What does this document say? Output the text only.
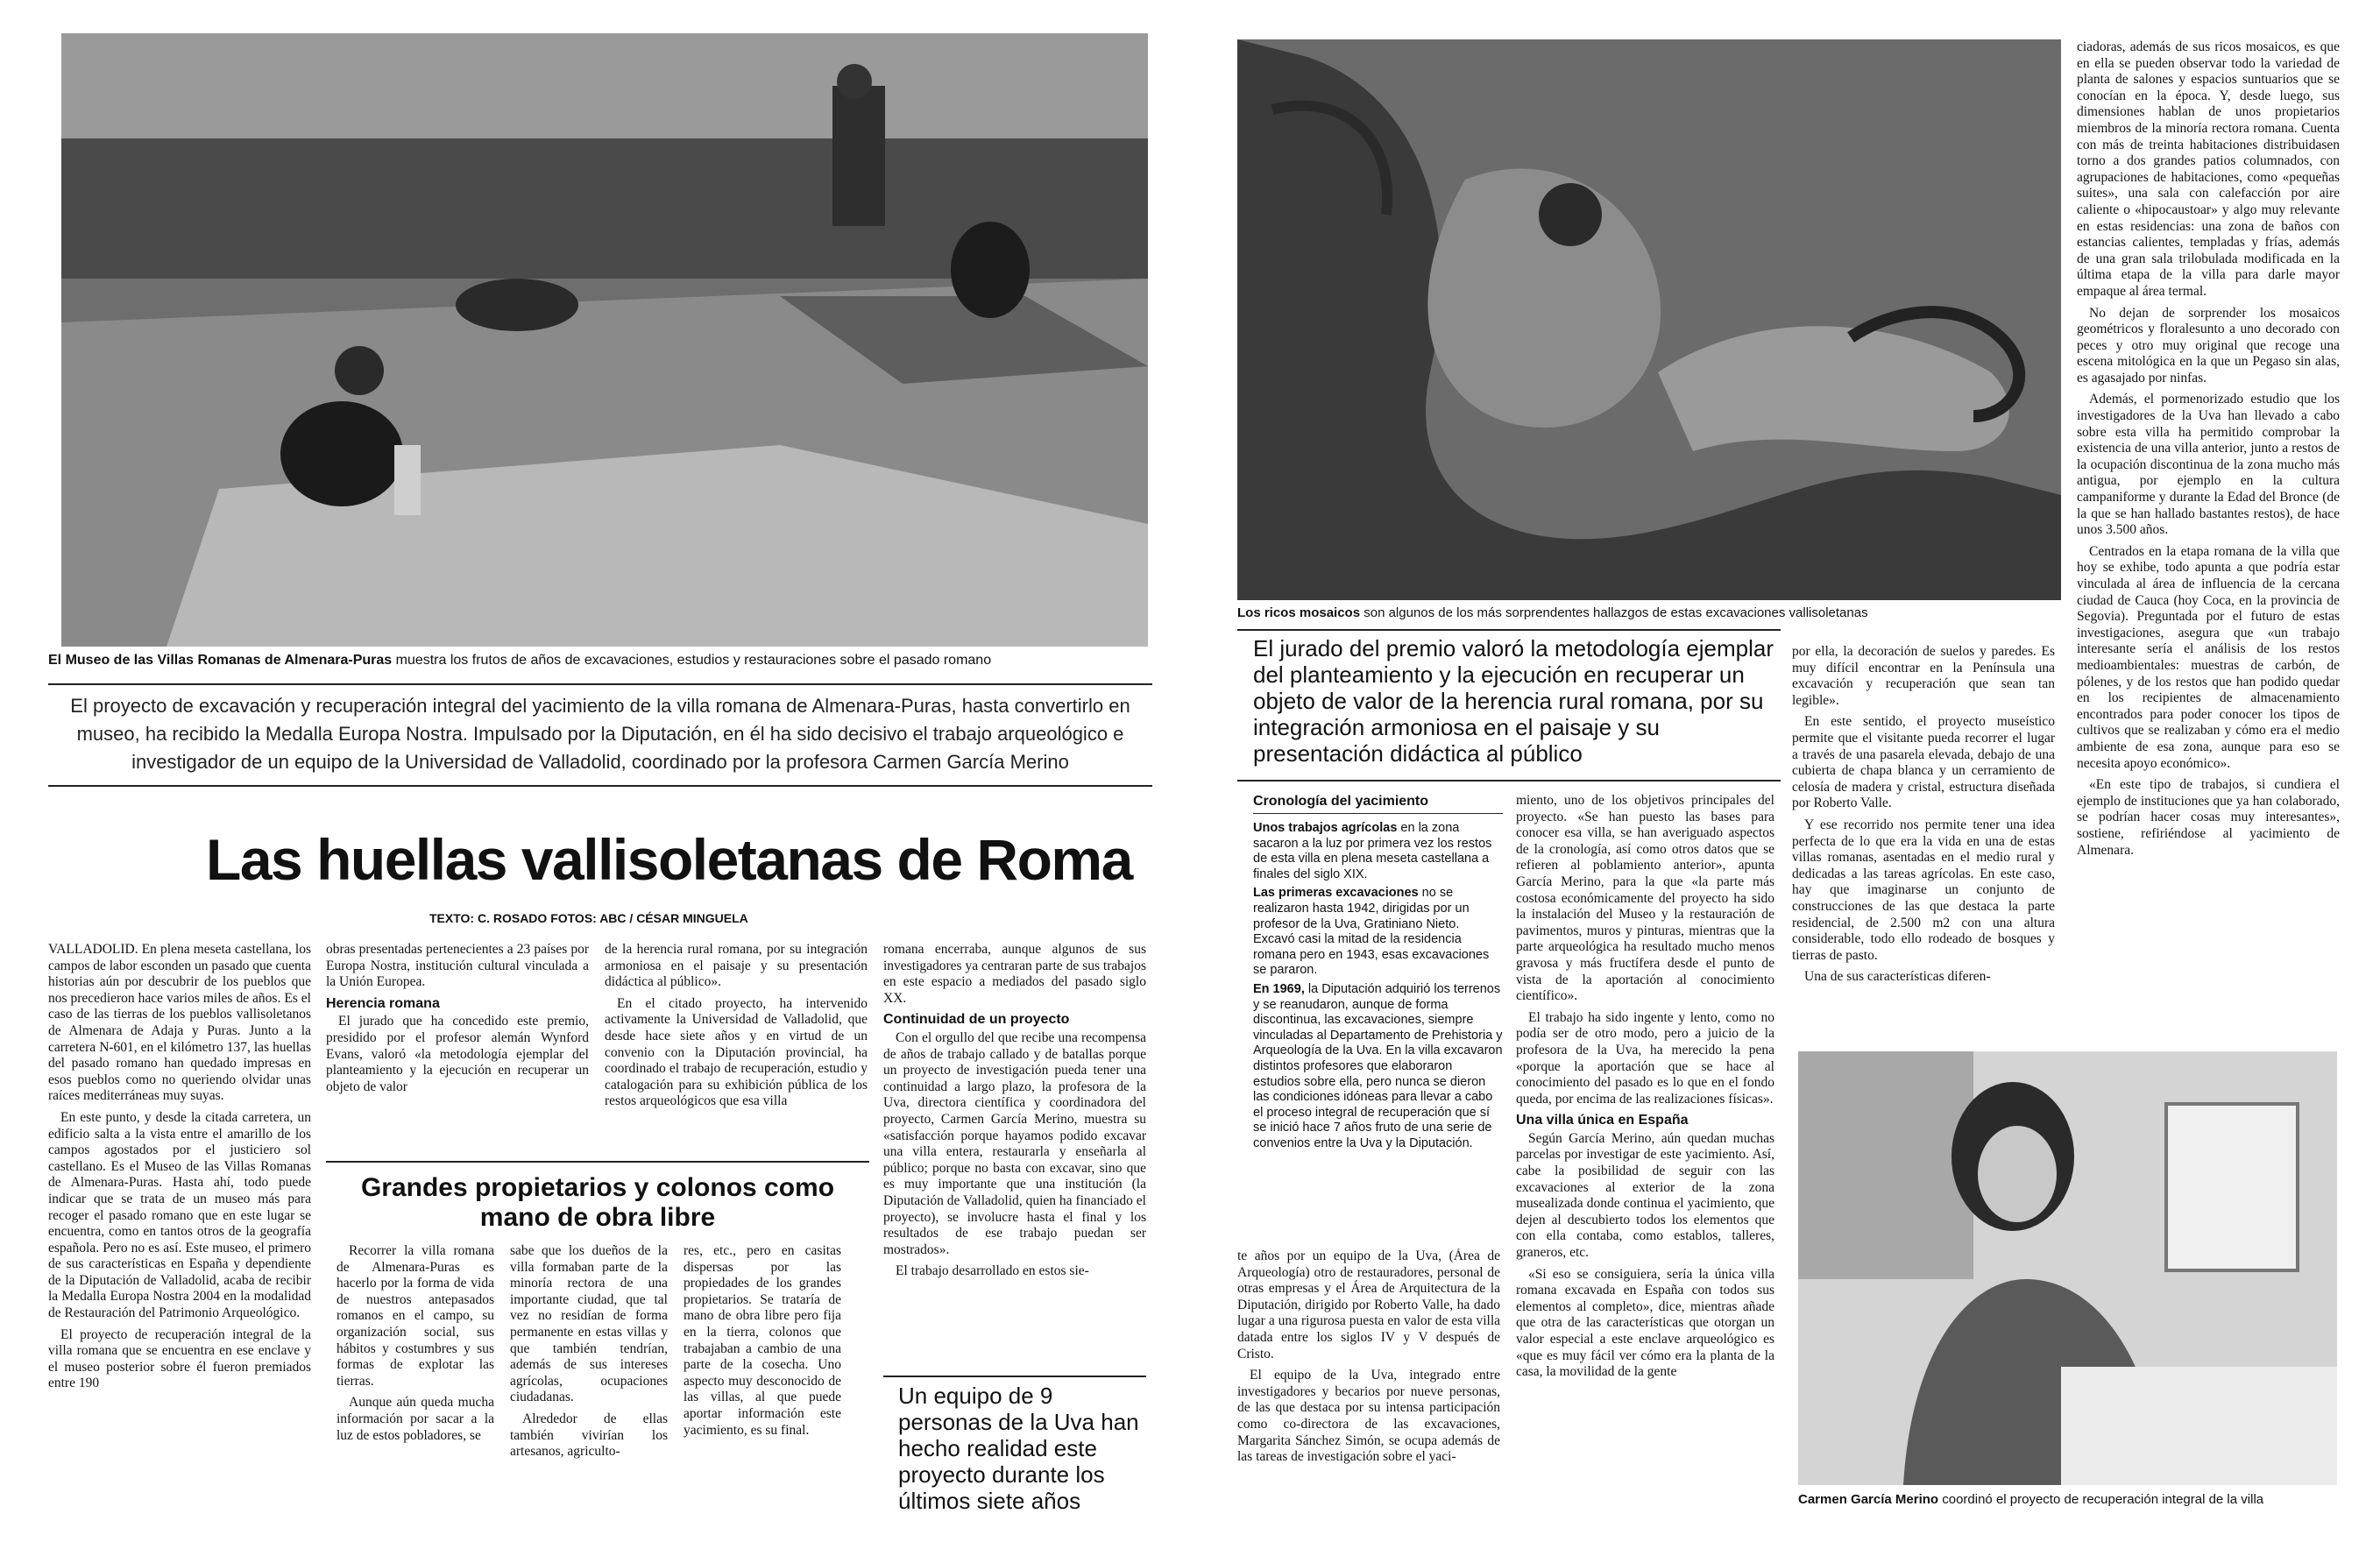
El Museo de las Villas Romanas de Almenara-Puras muestra los frutos de años de excavaciones, estudios y restauraciones sobre el pasado romano
El proyecto de excavación y recuperación integral del yacimiento de la villa romana de Almenara-Puras, hasta convertirlo en museo, ha recibido la Medalla Europa Nostra. Impulsado por la Diputación, en él ha sido decisivo el trabajo arqueológico e investigador de un equipo de la Universidad de Valladolid, coordinado por la profesora Carmen García Merino
Las huellas vallisoletanas de Roma
TEXTO: C. ROSADO FOTOS: ABC / CÉSAR MINGUELA

VALLADOLID. En plena meseta castellana, los campos de labor esconden un pasado que cuenta historias aún por descubrir de los pueblos que nos precedieron hace varios miles de años. Es el caso de las tierras de los pueblos vallisoletanos de Almenara de Adaja y Puras. Junto a la carretera N-601, en el kilómetro 137, las huellas del pasado romano han quedado impresas en esos pueblos como no queriendo olvidar unas raíces mediterráneas muy suyas.

En este punto, y desde la citada carretera, un edificio salta a la vista entre el amarillo de los campos agostados por el justiciero sol castellano. Es el Museo de las Villas Romanas de Almenara-Puras. Hasta ahí, todo puede indicar que se trata de un museo más para recoger el pasado romano que en este lugar se encuentra, como en tantos otros de la geografía española. Pero no es así. Este museo, el primero de sus características en España y dependiente de la Diputación de Valladolid, acaba de recibir la Medalla Europa Nostra 2004 en la modalidad de Restauración del Patrimonio Arqueológico.

El proyecto de recuperación integral de la villa romana que se encuentra en ese enclave y el museo posterior sobre él fueron premiados entre 190

obras presentadas pertenecientes a 23 países por Europa Nostra, institución cultural vinculada a la Unión Europea.

Herencia romana

El jurado que ha concedido este premio, presidido por el profesor alemán Wynford Evans, valoró «la metodología ejemplar del planteamiento y la ejecución en recuperar un objeto de valor

de la herencia rural romana, por su integración armoniosa en el paisaje y su presentación didáctica al público».

En el citado proyecto, ha intervenido activamente la Universidad de Valladolid, que desde hace siete años y en virtud de un convenio con la Diputación provincial, ha coordinado el trabajo de recuperación, estudio y catalogación para su exhibición pública de los restos arqueológicos que esa villa

romana encerraba, aunque algunos de sus investigadores ya centraran parte de sus trabajos en este espacio a mediados del pasado siglo XX.

Continuidad de un proyecto

Con el orgullo del que recibe una recompensa de años de trabajo callado y de batallas porque un proyecto de investigación pueda tener una continuidad a largo plazo, la profesora de la Uva, directora científica y coordinadora del proyecto, Carmen García Merino, muestra su «satisfacción porque hayamos podido excavar una villa entera, restaurarla y enseñarla al público; porque no basta con excavar, sino que es muy importante que una institución (la Diputación de Valladolid, quien ha financiado el proyecto), se involucre hasta el final y los resultados de ese trabajo puedan ser mostrados».

El trabajo desarrollado en estos sie-

Grandes propietarios y colonos como mano de obra libre

Recorrer la villa romana de Almenara-Puras es hacerlo por la forma de vida de nuestros antepasados romanos en el campo, su organización social, sus hábitos y costumbres y sus formas de explotar las tierras.

Aunque aún queda mucha información por sacar a la luz de estos pobladores, se

sabe que los dueños de la villa formaban parte de la minoría rectora de una importante ciudad, que tal vez no residían de forma permanente en estas villas y que también tendrían, además de sus intereses agrícolas, ocupaciones ciudadanas.

Alrededor de ellas también vivirían los artesanos, agriculto-

res, etc., pero en casitas dispersas por las propiedades de los grandes propietarios. Se trataría de mano de obra libre pero fija en la tierra, colonos que trabajaban a cambio de una parte de la cosecha. Uno aspecto muy desconocido de las villas, al que puede aportar información este yacimiento, es su final.

Un equipo de 9 personas de la Uva han hecho realidad este proyecto durante los últimos siete años
Los ricos mosaicos son algunos de los más sorprendentes hallazgos de estas excavaciones vallisoletanas
El jurado del premio valoró la metodología ejemplar del planteamiento y la ejecución en recuperar un objeto de valor de la herencia rural romana, por su integración armoniosa en el paisaje y su presentación didáctica al público
Cronología del yacimiento

Unos trabajos agrícolas en la zona sacaron a la luz por primera vez los restos de esta villa en plena meseta castellana a finales del siglo XIX.

Las primeras excavaciones no se realizaron hasta 1942, dirigidas por un profesor de la Uva, Gratiniano Nieto. Excavó casi la mitad de la residencia romana pero en 1943, esas excavaciones se pararon.

En 1969, la Diputación adquirió los terrenos y se reanudaron, aunque de forma discontinua, las excavaciones, siempre vinculadas al Departamento de Prehistoria y Arqueología de la Uva. En la villa excavaron distintos profesores que elaboraron estudios sobre ella, pero nunca se dieron las condiciones idóneas para llevar a cabo el proceso integral de recuperación que sí se inició hace 7 años fruto de una serie de convenios entre la Uva y la Diputación.

miento, uno de los objetivos principales del proyecto. «Se han puesto las bases para conocer esa villa, se han averiguado aspectos de la cronología, así como otros datos que se refieren al poblamiento anterior», apunta García Merino, para la que «la parte más costosa económicamente del proyecto ha sido la instalación del Museo y la restauración de pavimentos, muros y pinturas, mientras que la parte arqueológica ha resultado mucho menos gravosa y más fructífera desde el punto de vista de la aportación al conocimiento científico».

El trabajo ha sido ingente y lento, como no podía ser de otro modo, pero a juicio de la profesora de la Uva, ha merecido la pena «porque la aportación que se hace al conocimiento del pasado es lo que en el fondo queda, por encima de las realizaciones físicas».

Una villa única en España

Según García Merino, aún quedan muchas parcelas por investigar de este yacimiento. Así, cabe la posibilidad de seguir con las excavaciones al exterior de la zona musealizada donde continua el yacimiento, que dejen al descubierto todos los elementos que con ella contaba, como establos, talleres, graneros, etc.

«Si eso se consiguiera, sería la única villa romana excavada en España con todos sus elementos al completo», dice, mientras añade que otra de las características que otorgan un valor especial a este enclave arqueológico es «que es muy fácil ver cómo era la planta de la casa, la movilidad de la gente

te años por un equipo de la Uva, (Área de Arqueología) otro de restauradores, personal de otras empresas y el Área de Arquitectura de la Diputación, dirigido por Roberto Valle, ha dado lugar a una rigurosa puesta en valor de esta villa datada entre los siglos IV y V después de Cristo.

El equipo de la Uva, integrado entre investigadores y becarios por nueve personas, de las que destaca por su intensa participación como co-directora de las excavaciones, Margarita Sánchez Simón, se ocupa además de las tareas de investigación sobre el yaci-

por ella, la decoración de suelos y paredes. Es muy difícil encontrar en la Península una excavación y recuperación que sean tan legible».

En este sentido, el proyecto museístico permite que el visitante pueda recorrer el lugar a través de una pasarela elevada, debajo de una cubierta de chapa blanca y un cerramiento de celosía de madera y cristal, estructura diseñada por Roberto Valle.

Y ese recorrido nos permite tener una idea perfecta de lo que era la vida en una de estas villas romanas, asentadas en el medio rural y dedicadas a las tareas agrícolas. En este caso, hay que imaginarse un conjunto de construcciones de las que destaca la parte residencial, de 2.500 m2 con una altura considerable, todo ello rodeado de bosques y tierras de pasto.

Una de sus características diferen-

ciadoras, además de sus ricos mosaicos, es que en ella se pueden observar todo la variedad de planta de salones y espacios suntuarios que se conocían en la época. Y, desde luego, sus dimensiones hablan de unos propietarios miembros de la minoría rectora romana. Cuenta con más de treinta habitaciones distribuidasen torno a dos grandes patios columnados, con agrupaciones de habitaciones, como «pequeñas suites», una sala con calefacción por aire caliente o «hipocaustoar» y algo muy relevante en estas residencias: una zona de baños con estancias calientes, templadas y frías, además de una gran sala trilobulada modificada en la última etapa de la villa para darle mayor empaque al área termal.

No dejan de sorprender los mosaicos geométricos y floralesunto a uno decorado con peces y otro muy original que recoge una escena mitológica en la que un Pegaso sin alas, es agasajado por ninfas.

Además, el pormenorizado estudio que los investigadores de la Uva han llevado a cabo sobre esta villa ha permitido comprobar la existencia de una villa anterior, junto a restos de la ocupación discontinua de la zona mucho más antigua, por ejemplo en la cultura campaniforme y durante la Edad del Bronce (de la que se han hallado bastantes restos), de hace unos 3.500 años.

Centrados en la etapa romana de la villa que hoy se exhibe, todo apunta a que podría estar vinculada al área de influencia de la cercana ciudad de Cauca (hoy Coca, en la provincia de Segovia). Preguntada por el futuro de estas investigaciones, asegura que «un trabajo interesante sería el análisis de los restos medioambientales: muestras de carbón, de pólenes, y de los restos que han podido quedar en los recipientes de almacenamiento encontrados para poder conocer los tipos de cultivos que se realizaban y cómo era el medio ambiente de esa zona, aunque para eso se necesita apoyo económico».

«En este tipo de trabajos, si cundiera el ejemplo de instituciones que ya han colaborado, se podrían hacer cosas muy interesantes», sostiene, refiriéndose al yacimiento de Almenara.

Carmen García Merino coordinó el proyecto de recuperación integral de la villa
